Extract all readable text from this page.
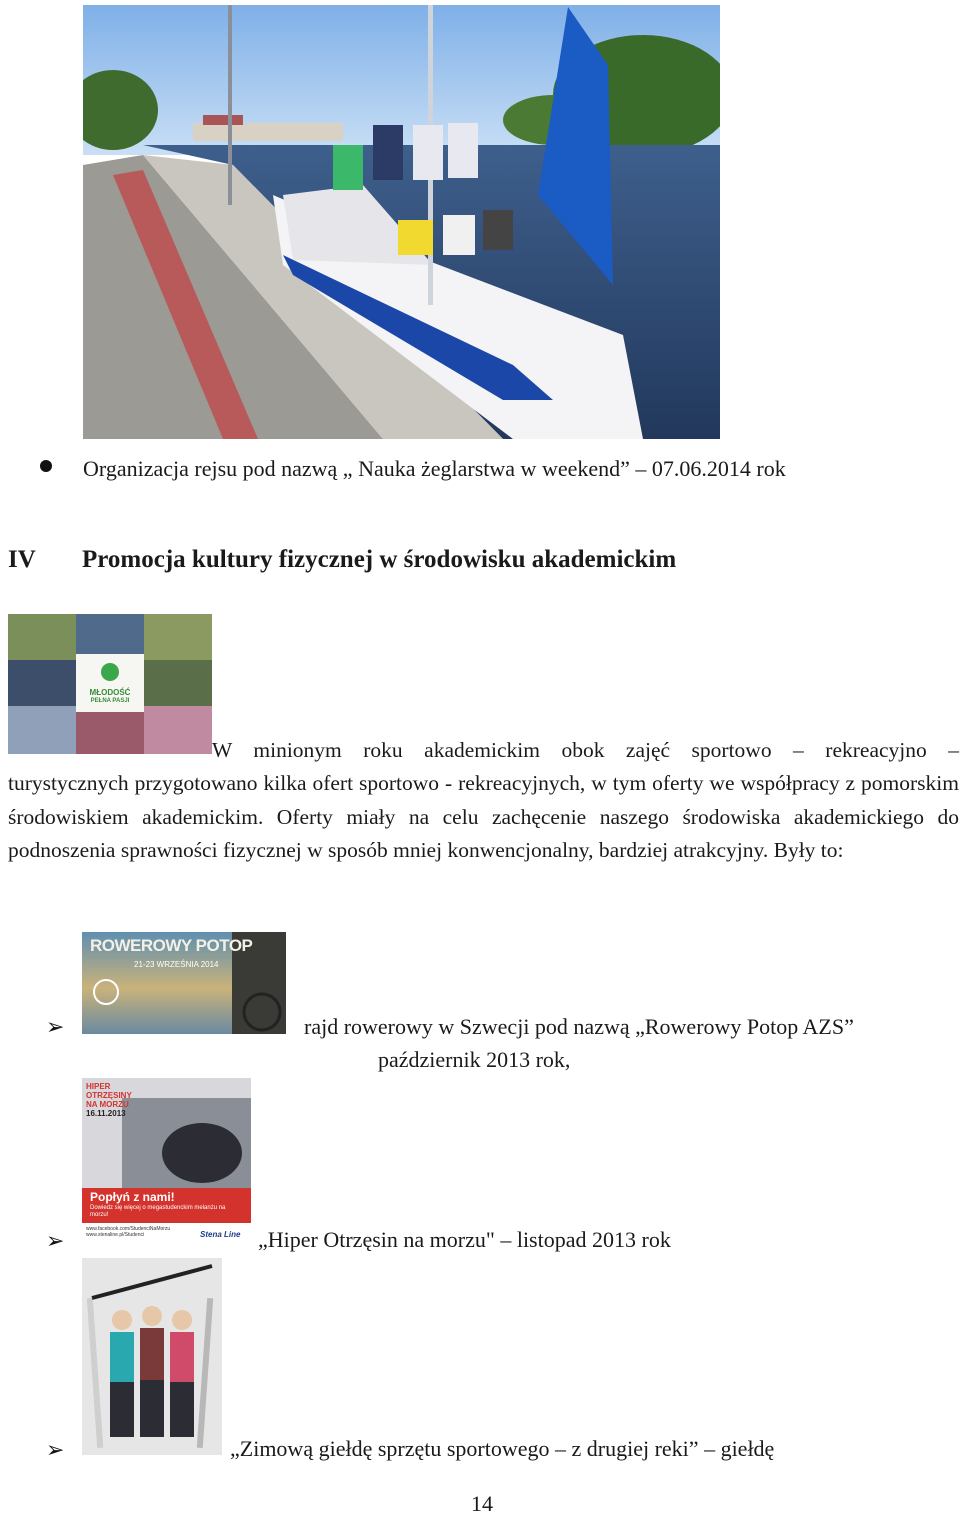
Organizacja rejsu pod nazwą „ Nauka żeglarstwa w weekend” – 07.06.2014 rok
IV Promocja kultury fizycznej w środowisku akademickim
MŁODOŚĆ
PEŁNA PASJI

W minionym roku akademickim obok zajęć sportowo – rekreacyjno –

turystycznych przygotowano kilka ofert sportowo - rekreacyjnych, w tym oferty we współpracy z pomorskim środowiskiem akademickim. Oferty miały na celu zachęcenie naszego środowiska akademickiego do podnoszenia sprawności fizycznej w sposób mniej konwencjonalny, bardziej atrakcyjny. Były to:

ROWEROWY POTOP
21-23 WRZEŚNIA 2014
➢	rajd rowerowy w Szwecji pod nazwą „Rowerowy Potop AZS”
październik 2013 rok,
HIPER
OTRZĘSINY
NA MORZU
16.11.2013
Popłyń z nami!
Dowiedz się więcej o megastudenckim melanżu na morzu!
www.facebook.com/StudenciNaMorzu
www.stenaline.pl/Studenci	Stena Line
➢	„Hiper Otrzęsin na morzu" – listopad 2013 rok
➢	„Zimową giełdę sprzętu sportowego – z drugiej reki” – giełdę
14
